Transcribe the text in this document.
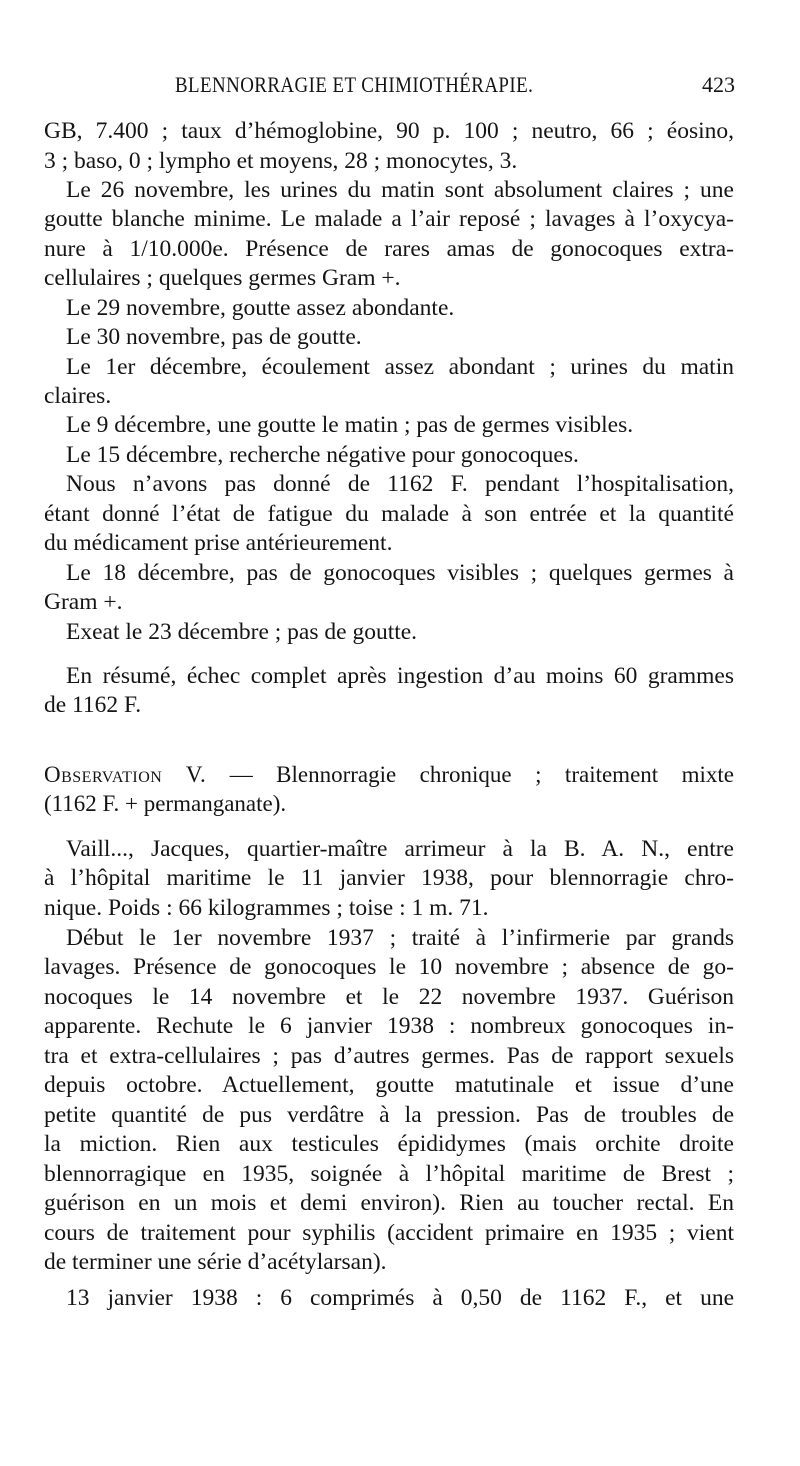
BLENNORRAGIE ET CHIMIOTHÉRAPIE.	423
GB, 7.400 ; taux d’hémoglobine, 90 p. 100 ; neutro, 66 ; éosino,
3 ; baso, 0 ; lympho et moyens, 28 ; monocytes, 3.
Le 26 novembre, les urines du matin sont absolument claires ; une
goutte blanche minime. Le malade a l’air reposé ; lavages à l’oxycya-
nure à 1/10.000e. Présence de rares amas de gonocoques extra-
cellulaires ; quelques germes Gram +.
Le 29 novembre, goutte assez abondante.
Le 30 novembre, pas de goutte.
Le 1er décembre, écoulement assez abondant ; urines du matin
claires.
Le 9 décembre, une goutte le matin ; pas de germes visibles.
Le 15 décembre, recherche négative pour gonocoques.
Nous n’avons pas donné de 1162 F. pendant l’hospitalisation,
étant donné l’état de fatigue du malade à son entrée et la quantité
du médicament prise antérieurement.
Le 18 décembre, pas de gonocoques visibles ; quelques germes à
Gram +.
Exeat le 23 décembre ; pas de goutte.
En résumé, échec complet après ingestion d’au moins 60 grammes
de 1162 F.
Observation V. — Blennorragie chronique ; traitement mixte
(1162 F. + permanganate).
Vaill..., Jacques, quartier-maître arrimeur à la B. A. N., entre
à l’hôpital maritime le 11 janvier 1938, pour blennorragie chro-
nique. Poids : 66 kilogrammes ; toise : 1 m. 71.
Début le 1er novembre 1937 ; traité à l’infirmerie par grands
lavages. Présence de gonocoques le 10 novembre ; absence de go-
nocoques le 14 novembre et le 22 novembre 1937. Guérison
apparente. Rechute le 6 janvier 1938 : nombreux gonocoques in-
tra et extra-cellulaires ; pas d’autres germes. Pas de rapport sexuels
depuis octobre. Actuellement, goutte matutinale et issue d’une
petite quantité de pus verdâtre à la pression. Pas de troubles de
la miction. Rien aux testicules épididymes (mais orchite droite
blennorragique en 1935, soignée à l’hôpital maritime de Brest ;
guérison en un mois et demi environ). Rien au toucher rectal. En
cours de traitement pour syphilis (accident primaire en 1935 ; vient
de terminer une série d’acétylarsan).
13 janvier 1938 : 6 comprimés à 0,50 de 1162 F., et une
